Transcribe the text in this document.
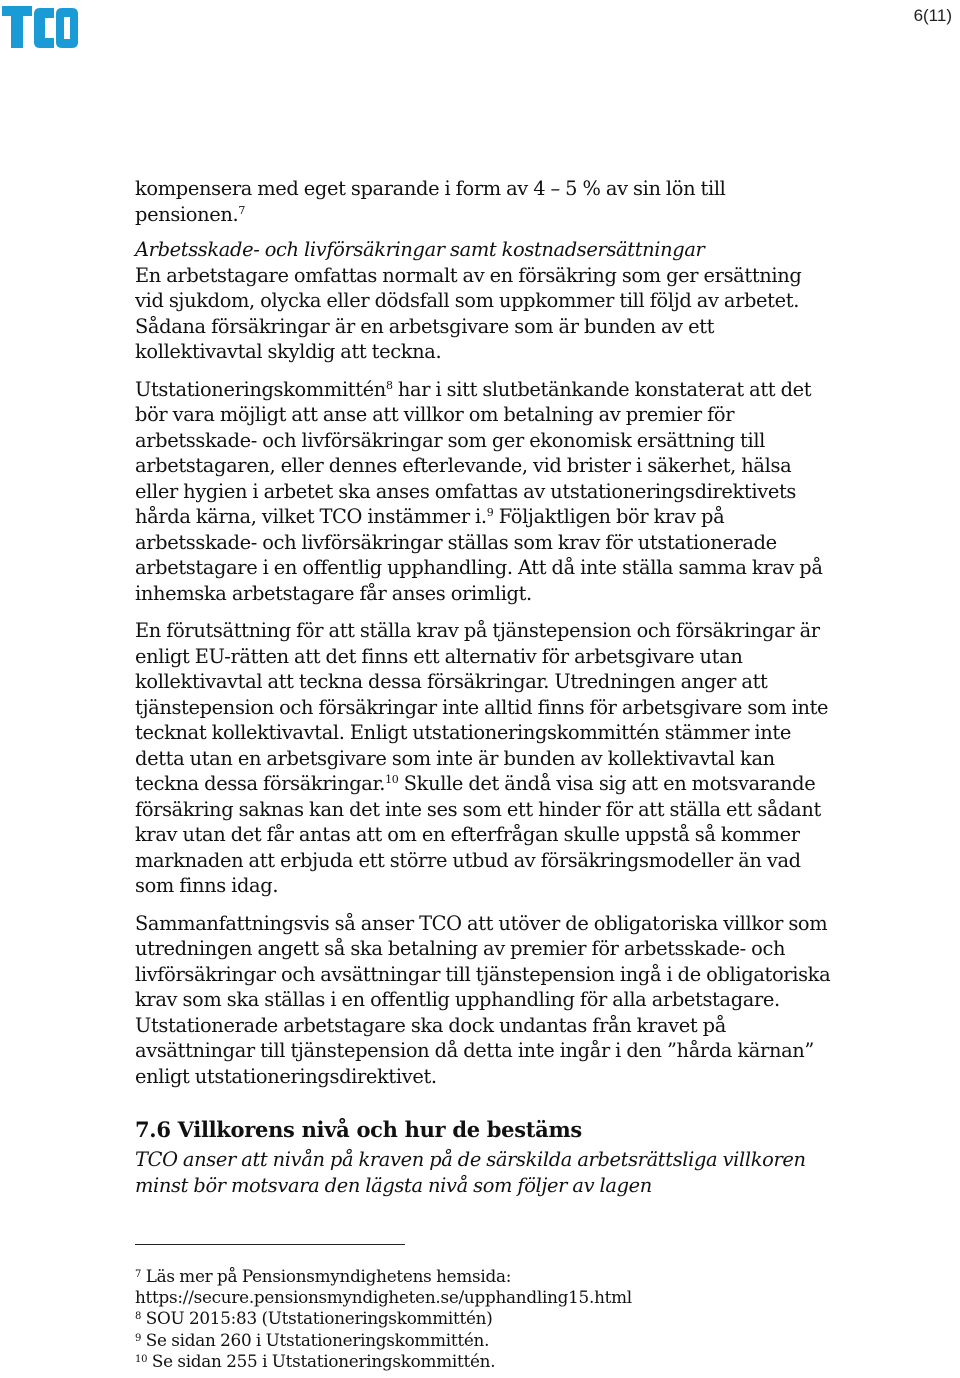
6(11)

kompensera med eget sparande i form av 4 – 5 % av sin lön till pensionen.$^7$

Arbetsskade- och livförsäkringar samt kostnadsersättningar

En arbetstagare omfattas normalt av en försäkring som ger ersättning vid sjukdom, olycka eller dödsfall som uppkommer till följd av arbetet. Sådana försäkringar är en arbetsgivare som är bunden av ett kollektivavtal skyldig att teckna.

Utstationeringskommittén$^8$ har i sitt slutbetänkande konstaterat att det bör vara möjligt att anse att villkor om betalning av premier för arbetsskade- och livförsäkringar som ger ekonomisk ersättning till arbetstagaren, eller dennes efterlevande, vid brister i säkerhet, hälsa eller hygien i arbetet ska anses omfattas av utstationeringsdirektivets hårda kärna, vilket TCO instämmer i.$^9$ Följaktligen bör krav på arbetsskade- och livförsäkringar ställas som krav för utstationerade arbetstagare i en offentlig upphandling. Att då inte ställa samma krav på inhemska arbetstagare får anses orimligt.

En förutsättning för att ställa krav på tjänstepension och försäkringar är enligt EU-rätten att det finns ett alternativ för arbetsgivare utan kollektivavtal att teckna dessa försäkringar. Utredningen anger att tjänstepension och försäkringar inte alltid finns för arbetsgivare som inte tecknat kollektivavtal. Enligt utstationeringskommittén stämmer inte detta utan en arbetsgivare som inte är bunden av kollektivavtal kan teckna dessa försäkringar.$^{10}$ Skulle det ändå visa sig att en motsvarande försäkring saknas kan det inte ses som ett hinder för att ställa ett sådant krav utan det får antas att om en efterfrågan skulle uppstå så kommer marknaden att erbjuda ett större utbud av försäkringsmodeller än vad som finns idag.

Sammanfattningsvis så anser TCO att utöver de obligatoriska villkor som utredningen angett så ska betalning av premier för arbetsskade- och livförsäkringar och avsättningar till tjänstepension ingå i de obligatoriska krav som ska ställas i en offentlig upphandling för alla arbetstagare. Utstationerade arbetstagare ska dock undantas från kravet på avsättningar till tjänstepension då detta inte ingår i den ”hårda kärnan” enligt utstationeringsdirektivet.

7.6 Villkorens nivå och hur de bestäms

TCO anser att nivån på kraven på de särskilda arbetsrättsliga villkoren minst bör motsvara den lägsta nivå som följer av lagen

$^7$ Läs mer på Pensionsmyndighetens hemsida:

https://secure.pensionsmyndigheten.se/upphandling15.html

$^8$ SOU 2015:83 (Utstationeringskommittén)

$^9$ Se sidan 260 i Utstationeringskommittén.

$^{10}$ Se sidan 255 i Utstationeringskommittén.
